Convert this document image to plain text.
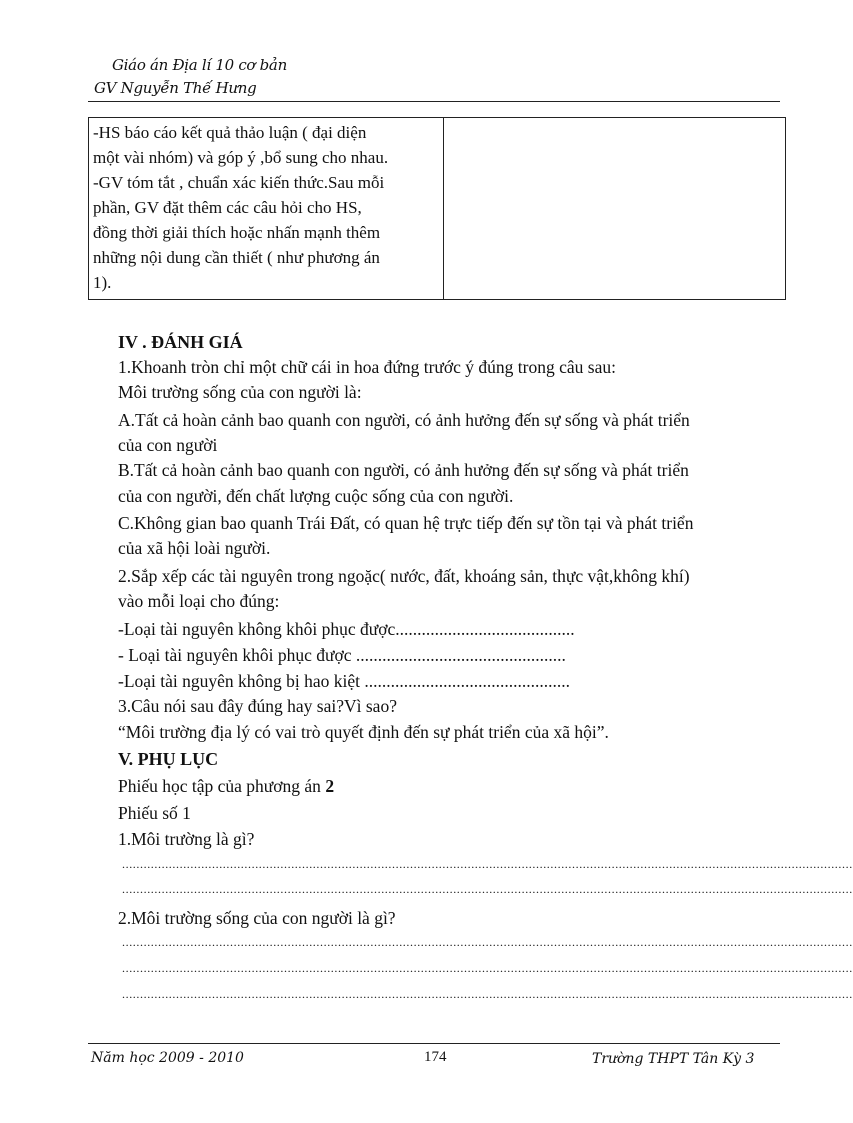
Giáo án Địa lí 10 cơ bản
GV Nguyễn Thế Hưng
-HS báo cáo kết quả thảo luận ( đại diện
một vài nhóm) và góp ý ,bổ sung cho nhau.
-GV tóm tắt , chuẩn xác kiến thức.Sau mỗi
phần, GV đặt thêm các câu hỏi cho HS,
đồng thời giải thích hoặc nhấn mạnh thêm
những nội dung cần thiết ( như phương án
1).

IV . ĐÁNH GIÁ
1.Khoanh tròn chỉ một chữ cái in hoa đứng trước ý đúng trong câu sau:
Môi trường sống của con người là:
A.Tất cả hoàn cảnh bao quanh con người, có ảnh hưởng đến sự sống và phát triển
của con người
B.Tất cả hoàn cảnh bao quanh con người, có ảnh hưởng đến sự sống và phát triển
của con người, đến chất lượng cuộc sống của con người.
C.Không gian bao quanh Trái Đất, có quan hệ trực tiếp đến sự tồn tại và phát triển
của xã hội loài người.
2.Sắp xếp các tài nguyên trong ngoặc( nước, đất, khoáng sản, thực vật,không khí)
vào mỗi loại cho đúng:
-Loại tài nguyên không khôi phục được.........................................
- Loại tài nguyên khôi phục được ................................................
-Loại tài nguyên không bị hao kiệt ...............................................
3.Câu nói sau đây đúng hay sai?Vì sao?
“Môi trường địa lý có vai trò quyết định đến sự phát triển của xã hội”.
V. PHỤ LỤC
Phiếu học tập của phương án 2
Phiếu số 1
1.Môi trường là gì?
...........................................................................................................................................................................................................
...........................................................................................................................................................................................................
2.Môi trường sống của con người là gì?
...........................................................................................................................................................................................................
...........................................................................................................................................................................................................
...........................................................................................................................................................................................................
Năm học 2009 - 2010	174	Trường THPT Tân Kỳ 3
